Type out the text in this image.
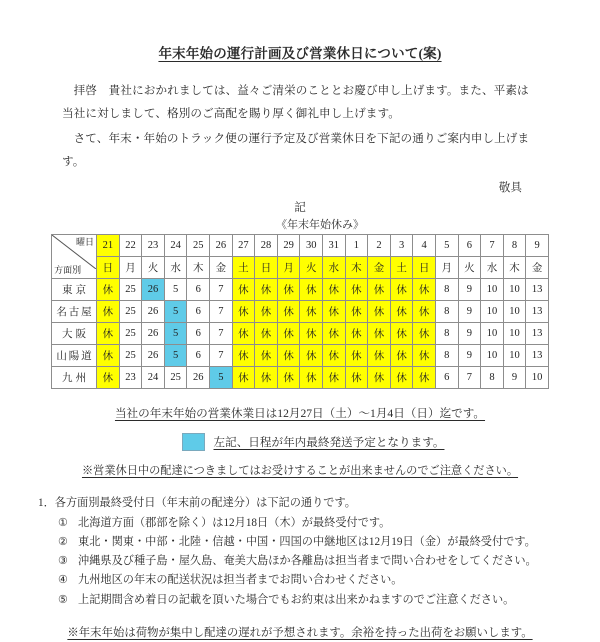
年末年始の運行計画及び営業休日について(案)

拝啓　貴社におかれましては、益々ご清栄のこととお慶び申し上げます。また、平素は当社に対しまして、格別のご高配を賜り厚く御礼申し上げます。

さて、年末・年始のトラック便の運行予定及び営業休日を下記の通りご案内申し上げます。

敬具
記
《年末年始休み》
曜日
方面別	21	22	23	24	25	26	27	28	29	30	31	1	2	3	4	5	6	7	8	9
	日	月	火	水	木	金	土	日	月	火	水	木	金	土	日	月	火	水	木	金
東京	休	25	26	5	6	7	休	休	休	休	休	休	休	休	休	8	9	10	10	13
名古屋	休	25	26	5	6	7	休	休	休	休	休	休	休	休	休	8	9	10	10	13
大阪	休	25	26	5	6	7	休	休	休	休	休	休	休	休	休	8	9	10	10	13
山陽道	休	25	26	5	6	7	休	休	休	休	休	休	休	休	休	8	9	10	10	13
九州	休	23	24	25	26	5	休	休	休	休	休	休	休	休	休	6	7	8	9	10
当社の年末年始の営業休業日は12月27日（土）～1月4日（日）迄です。
左記、日程が年内最終発送予定となります。
※営業休日中の配達につきましてはお受けすることが出来ませんのでご注意ください。
1．各方面別最終受付日（年末前の配達分）は下記の通りです。
① 北海道方面（郡部を除く）は12月18日（木）が最終受付です。
② 東北・関東・中部・北陸・信越・中国・四国の中継地区は12月19日（金）が最終受付です。
③ 沖縄県及び種子島・屋久島、奄美大島ほか各離島は担当者まで問い合わせをしてください。
④ 九州地区の年末の配送状況は担当者までお問い合わせください。
⑤ 上記期間含め着日の記載を頂いた場合でもお約束は出来かねますのでご注意ください。
※年末年始は荷物が集中し配達の遅れが予想されます。余裕を持った出荷をお願いします。
